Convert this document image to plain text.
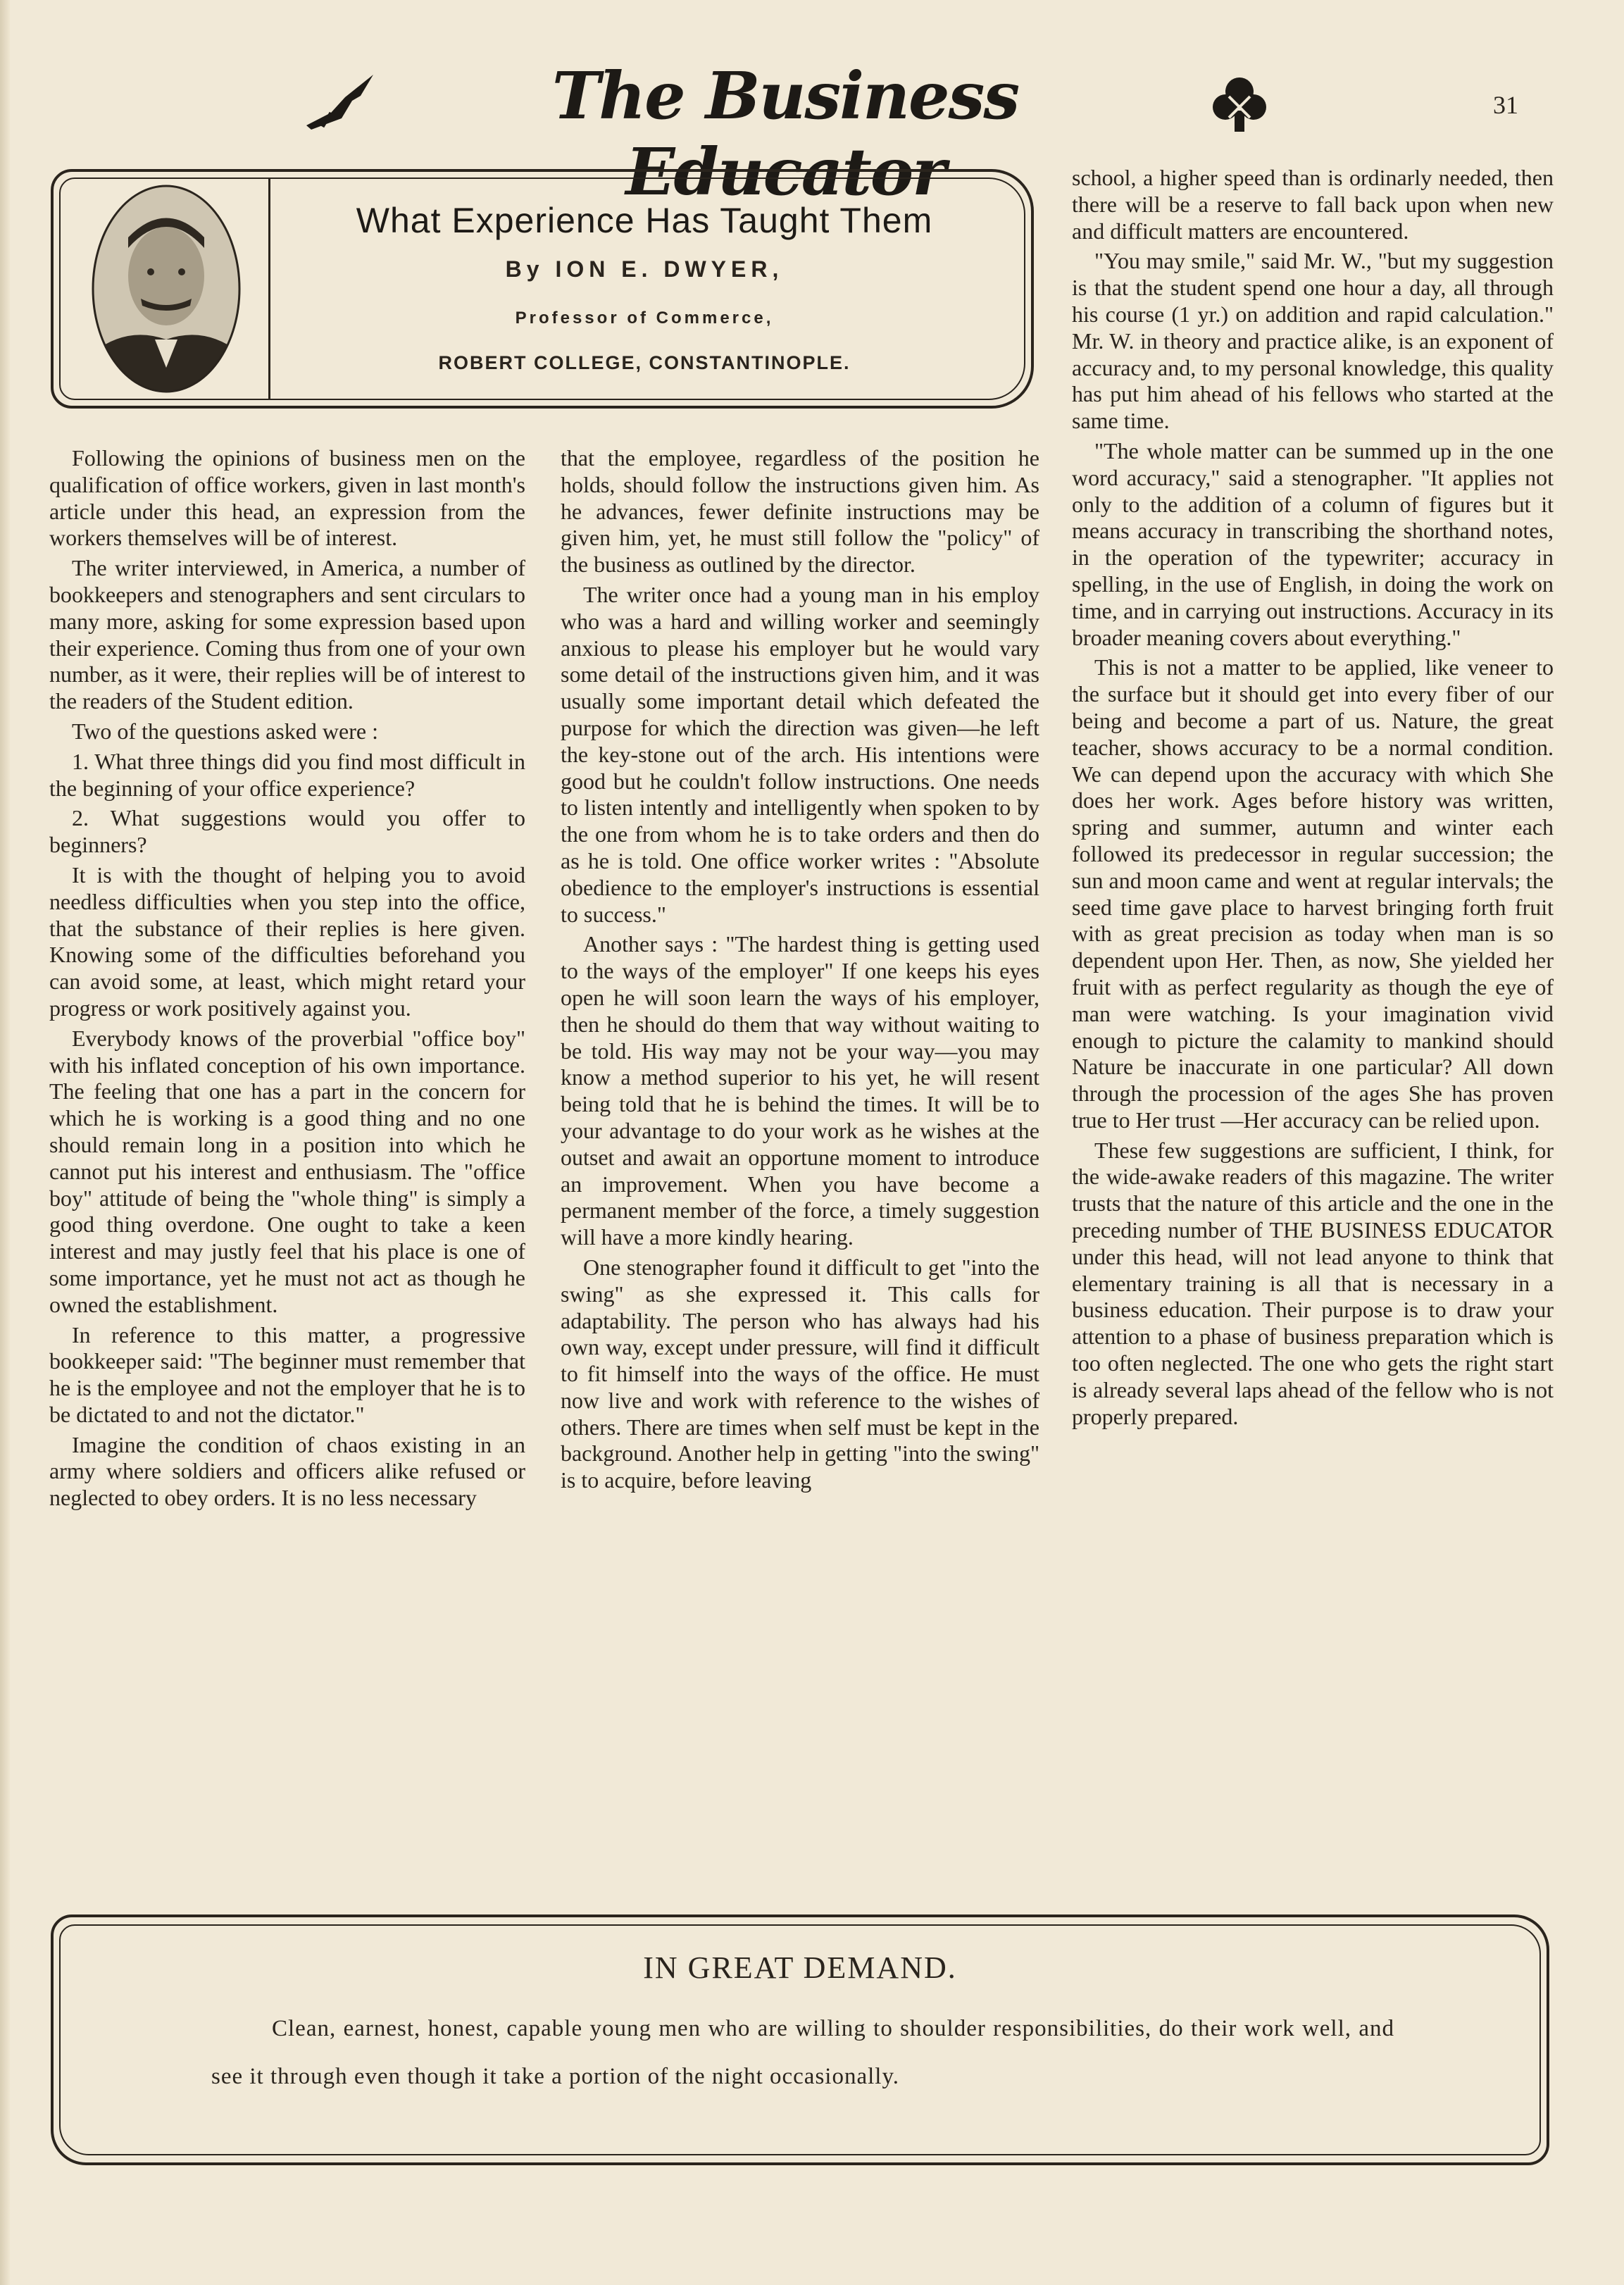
The Business Educator
31
What Experience Has Taught Them
By ION E. DWYER,
Professor of Commerce,
ROBERT COLLEGE, CONSTANTINOPLE.

Following the opinions of business men on the qualification of office workers, given in last month's article under this head, an expression from the workers themselves will be of interest.

The writer interviewed, in America, a number of bookkeepers and stenographers and sent circulars to many more, asking for some expression based upon their experience. Coming thus from one of your own number, as it were, their replies will be of interest to the readers of the Student edition.

Two of the questions asked were :

1. What three things did you find most difficult in the beginning of your office experience?

2. What suggestions would you offer to beginners?

It is with the thought of helping you to avoid needless difficulties when you step into the office, that the substance of their replies is here given. Knowing some of the difficulties beforehand you can avoid some, at least, which might retard your progress or work positively against you.

Everybody knows of the proverbial "office boy" with his inflated conception of his own importance. The feeling that one has a part in the concern for which he is working is a good thing and no one should remain long in a position into which he cannot put his interest and enthusiasm. The "office boy" attitude of being the "whole thing" is simply a good thing overdone. One ought to take a keen interest and may justly feel that his place is one of some importance, yet he must not act as though he owned the establishment.

In reference to this matter, a progressive bookkeeper said: "The beginner must remember that he is the employee and not the employer that he is to be dictated to and not the dictator."

Imagine the condition of chaos existing in an army where soldiers and officers alike refused or neglected to obey orders. It is no less necessary

that the employee, regardless of the position he holds, should follow the instructions given him. As he advances, fewer definite instructions may be given him, yet, he must still follow the "policy" of the business as outlined by the director.

The writer once had a young man in his employ who was a hard and willing worker and seemingly anxious to please his employer but he would vary some detail of the instructions given him, and it was usually some important detail which defeated the purpose for which the direction was given—he left the key-stone out of the arch. His intentions were good but he couldn't follow instructions. One needs to listen intently and intelligently when spoken to by the one from whom he is to take orders and then do as he is told. One office worker writes : "Absolute obedience to the employer's instructions is essential to success."

Another says : "The hardest thing is getting used to the ways of the employer" If one keeps his eyes open he will soon learn the ways of his employer, then he should do them that way without waiting to be told. His way may not be your way—you may know a method superior to his yet, he will resent being told that he is behind the times. It will be to your advantage to do your work as he wishes at the outset and await an opportune moment to introduce an improvement. When you have become a permanent member of the force, a timely suggestion will have a more kindly hearing.

One stenographer found it difficult to get "into the swing" as she expressed it. This calls for adaptability. The person who has always had his own way, except under pressure, will find it difficult to fit himself into the ways of the office. He must now live and work with reference to the wishes of others. There are times when self must be kept in the background. Another help in getting "into the swing" is to acquire, before leaving

school, a higher speed than is ordinarly needed, then there will be a reserve to fall back upon when new and difficult matters are encountered.

"You may smile," said Mr. W., "but my suggestion is that the student spend one hour a day, all through his course (1 yr.) on addition and rapid calculation." Mr. W. in theory and practice alike, is an exponent of accuracy and, to my personal knowledge, this quality has put him ahead of his fellows who started at the same time.

"The whole matter can be summed up in the one word accuracy," said a stenographer. "It applies not only to the addition of a column of figures but it means accuracy in transcribing the shorthand notes, in the operation of the typewriter; accuracy in spelling, in the use of English, in doing the work on time, and in carrying out instructions. Accuracy in its broader meaning covers about everything."

This is not a matter to be applied, like veneer to the surface but it should get into every fiber of our being and become a part of us. Nature, the great teacher, shows accuracy to be a normal condition. We can depend upon the accuracy with which She does her work. Ages before history was written, spring and summer, autumn and winter each followed its predecessor in regular succession; the sun and moon came and went at regular intervals; the seed time gave place to harvest bringing forth fruit with as great precision as today when man is so dependent upon Her. Then, as now, She yielded her fruit with as perfect regularity as though the eye of man were watching. Is your imagination vivid enough to picture the calamity to mankind should Nature be inaccurate in one particular? All down through the procession of the ages She has proven true to Her trust —Her accuracy can be relied upon.

These few suggestions are sufficient, I think, for the wide-awake readers of this magazine. The writer trusts that the nature of this article and the one in the preceding number of THE BUSINESS EDUCATOR under this head, will not lead anyone to think that elementary training is all that is necessary in a business education. Their purpose is to draw your attention to a phase of business preparation which is too often neglected. The one who gets the right start is already several laps ahead of the fellow who is not properly prepared.

IN GREAT DEMAND.

Clean, earnest, honest, capable young men who are willing to shoulder responsibilities, do their work well, and see it through even though it take a portion of the night occasionally.
